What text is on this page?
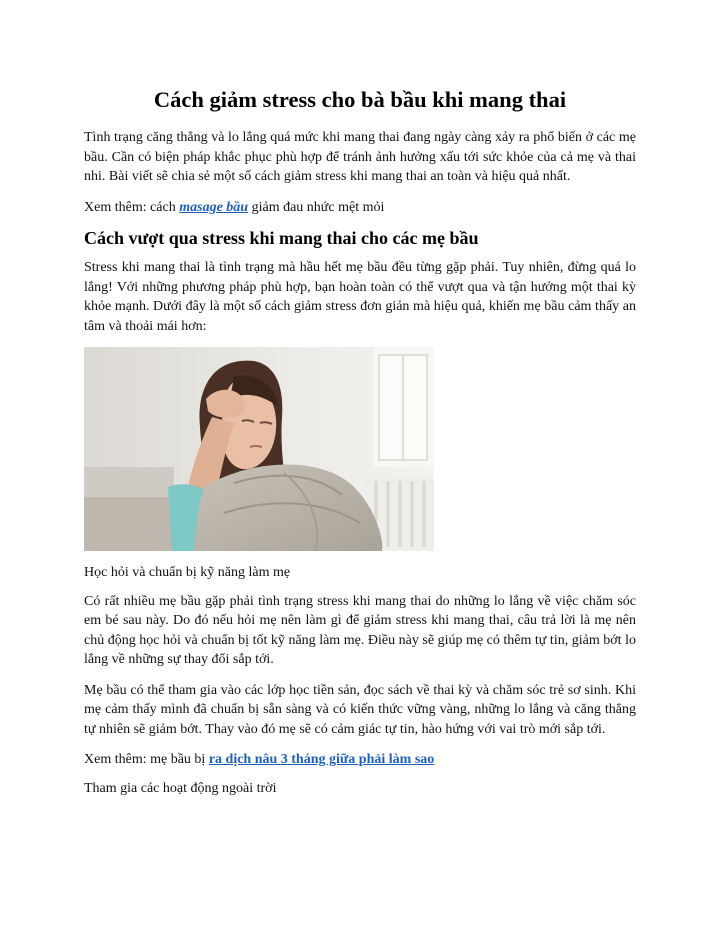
Cách giảm stress cho bà bầu khi mang thai

Tình trạng căng thẳng và lo lắng quá mức khi mang thai đang ngày càng xảy ra phổ biến ở các mẹ bầu. Cần có biện pháp khắc phục phù hợp để tránh ảnh hưởng xấu tới sức khỏe của cả mẹ và thai nhi. Bài viết sẽ chia sẻ một số cách giảm stress khi mang thai an toàn và hiệu quả nhất.

Xem thêm: cách masage bầu giảm đau nhức mệt mỏi

Cách vượt qua stress khi mang thai cho các mẹ bầu

Stress khi mang thai là tình trạng mà hầu hết mẹ bầu đều từng gặp phải. Tuy nhiên, đừng quá lo lắng! Với những phương pháp phù hợp, bạn hoàn toàn có thể vượt qua và tận hưởng một thai kỳ khỏe mạnh. Dưới đây là một số cách giảm stress đơn giản mà hiệu quả, khiến mẹ bầu cảm thấy an tâm và thoải mái hơn:

Học hỏi và chuẩn bị kỹ năng làm mẹ

Có rất nhiều mẹ bầu gặp phải tình trạng stress khi mang thai do những lo lắng về việc chăm sóc em bé sau này. Do đó nếu hỏi mẹ nên làm gì để giảm stress khi mang thai, câu trả lời là mẹ nên chủ động học hỏi và chuẩn bị tốt kỹ năng làm mẹ. Điều này sẽ giúp mẹ có thêm tự tin, giảm bớt lo lắng về những sự thay đổi sắp tới.

Mẹ bầu có thể tham gia vào các lớp học tiền sản, đọc sách về thai kỳ và chăm sóc trẻ sơ sinh. Khi mẹ cảm thấy mình đã chuẩn bị sẵn sàng và có kiến thức vững vàng, những lo lắng và căng thẳng tự nhiên sẽ giảm bớt. Thay vào đó mẹ sẽ có cảm giác tự tin, hào hứng với vai trò mới sắp tới.

Xem thêm: mẹ bầu bị ra dịch nâu 3 tháng giữa phải làm sao

Tham gia các hoạt động ngoài trời
